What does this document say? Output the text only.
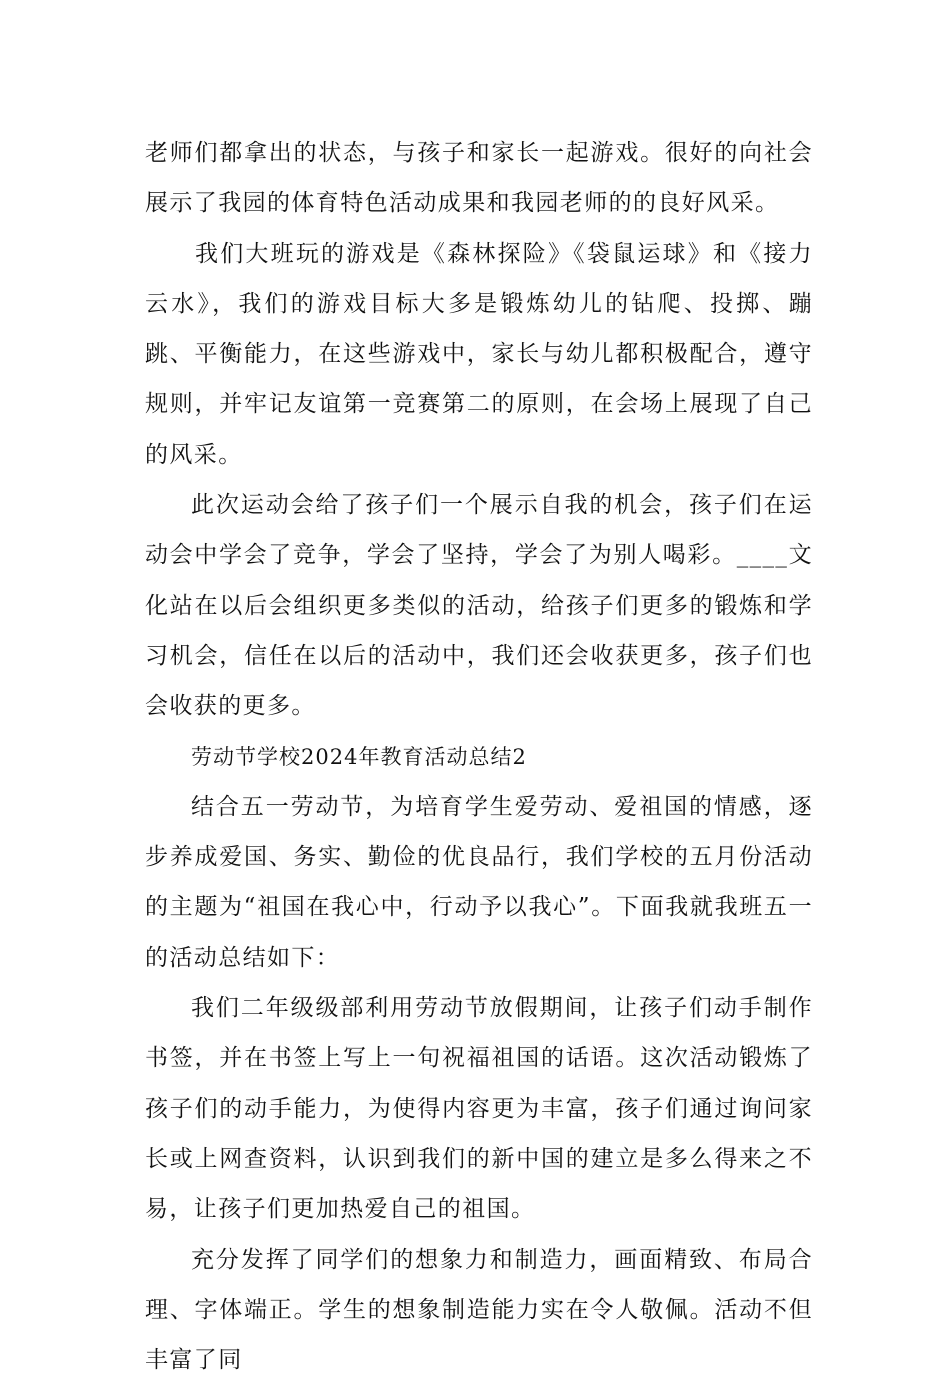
老师们都拿出的状态，与孩子和家长一起游戏。很好的向社会展示了我园的体育特色活动成果和我园老师的的良好风采。

我们大班玩的游戏是《森林探险》《袋鼠运球》和《接力云水》，我们的游戏目标大多是锻炼幼儿的钻爬、投掷、蹦跳、平衡能力，在这些游戏中，家长与幼儿都积极配合，遵守规则，并牢记友谊第一竞赛第二的原则，在会场上展现了自己的风采。

此次运动会给了孩子们一个展示自我的机会，孩子们在运动会中学会了竞争，学会了坚持，学会了为别人喝彩。____文化站在以后会组织更多类似的活动，给孩子们更多的锻炼和学习机会，信任在以后的活动中，我们还会收获更多，孩子们也会收获的更多。

劳动节学校2024年教育活动总结2

结合五一劳动节，为培育学生爱劳动、爱祖国的情感，逐步养成爱国、务实、勤俭的优良品行，我们学校的五月份活动的主题为“祖国在我心中，行动予以我心”。下面我就我班五一的活动总结如下：

我们二年级级部利用劳动节放假期间，让孩子们动手制作书签，并在书签上写上一句祝福祖国的话语。这次活动锻炼了孩子们的动手能力，为使得内容更为丰富，孩子们通过询问家长或上网查资料，认识到我们的新中国的建立是多么得来之不易，让孩子们更加热爱自己的祖国。

充分发挥了同学们的想象力和制造力，画面精致、布局合理、字体端正。学生的想象制造能力实在令人敬佩。活动不但丰富了同
